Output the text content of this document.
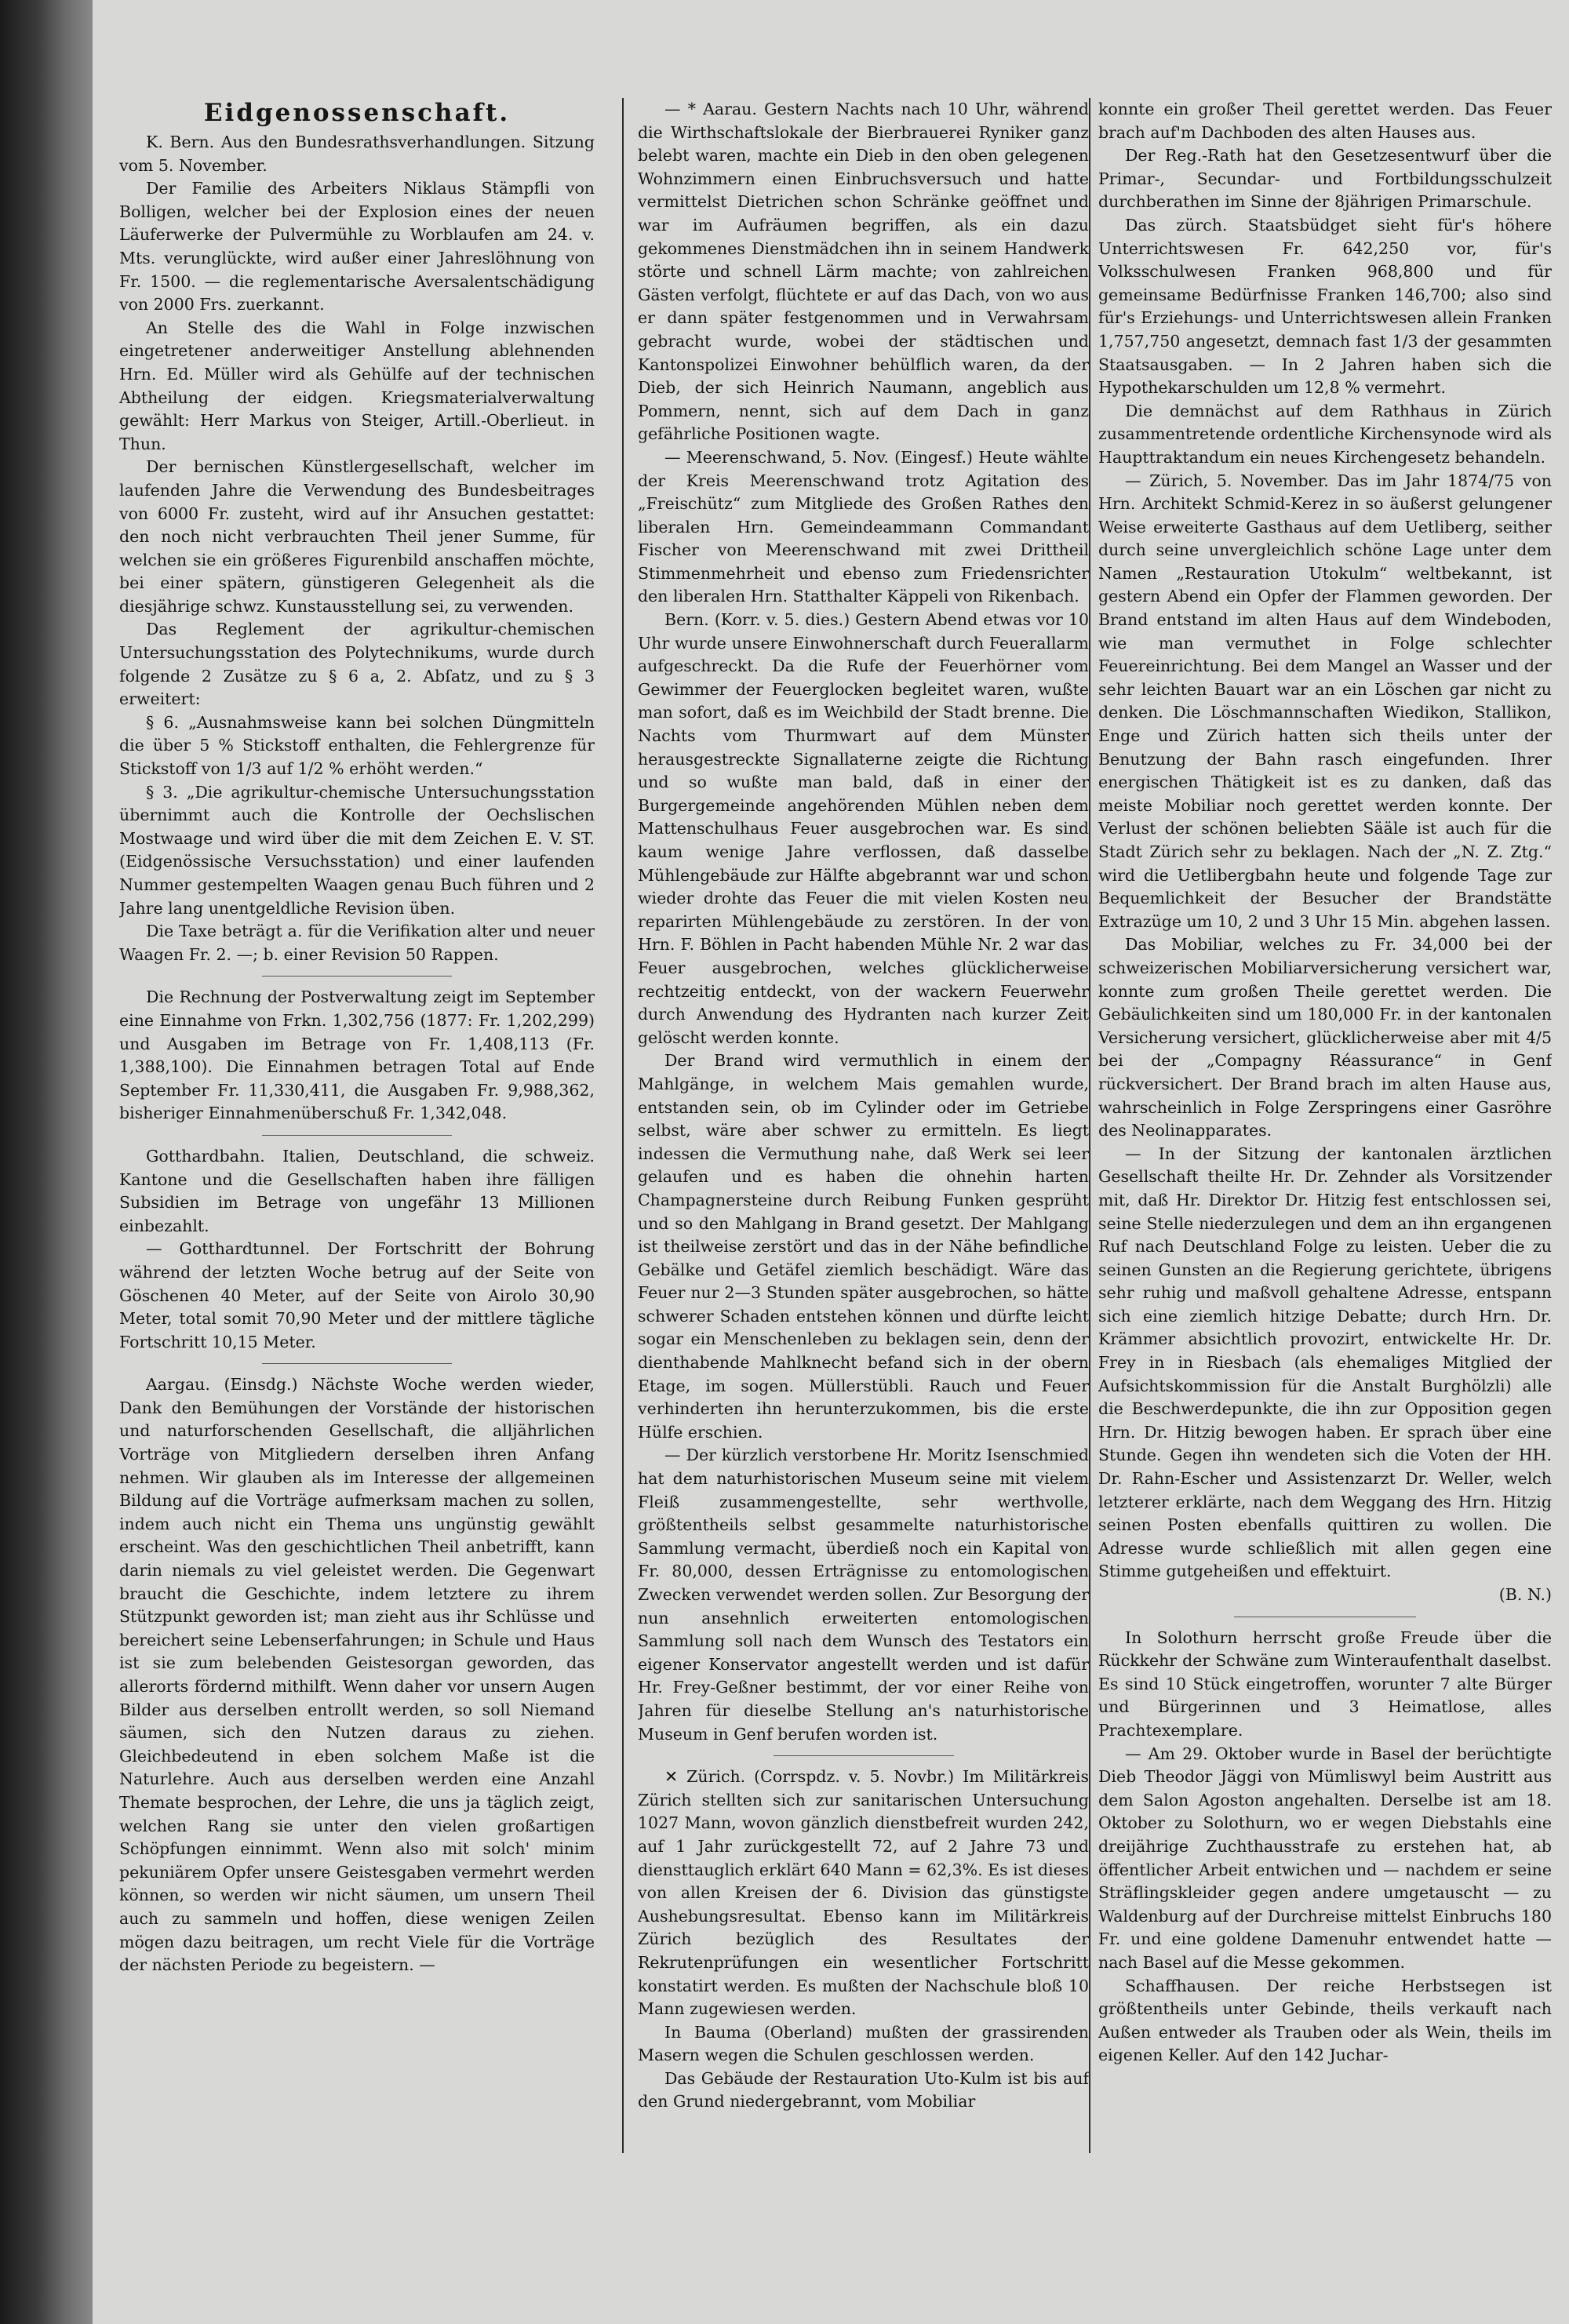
Eidgenossenschaft.

K. Bern. Aus den Bundesrathsverhandlungen. Sitzung vom 5. November.

Der Familie des Arbeiters Niklaus Stämpfli von Bolligen, welcher bei der Explosion eines der neuen Läuferwerke der Pulvermühle zu Worblaufen am 24. v. Mts. verunglückte, wird außer einer Jahreslöhnung von Fr. 1500. — die reglementarische Aversalentschädigung von 2000 Frs. zuerkannt.

An Stelle des die Wahl in Folge inzwischen eingetretener anderweitiger Anstellung ablehnenden Hrn. Ed. Müller wird als Gehülfe auf der technischen Abtheilung der eidgen. Kriegsmaterialverwaltung gewählt: Herr Markus von Steiger, Artill.-Oberlieut. in Thun.

Der bernischen Künstlergesellschaft, welcher im laufenden Jahre die Verwendung des Bundesbeitrages von 6000 Fr. zusteht, wird auf ihr Ansuchen gestattet: den noch nicht verbrauchten Theil jener Summe, für welchen sie ein größeres Figurenbild anschaffen möchte, bei einer spätern, günstigeren Gelegenheit als die diesjährige schwz. Kunstausstellung sei, zu verwenden.

Das Reglement der agrikultur-chemischen Untersuchungsstation des Polytechnikums, wurde durch folgende 2 Zusätze zu § 6 a, 2. Abſatz, und zu § 3 erweitert:

§ 6. „Ausnahmsweise kann bei solchen Düngmitteln die über 5 % Stickstoff enthalten, die Fehlergrenze für Stickstoff von 1/3 auf 1/2 % erhöht werden.“

§ 3. „Die agrikultur-chemische Untersuchungsstation übernimmt auch die Kontrolle der Oechslischen Mostwaage und wird über die mit dem Zeichen E. V. ST. (Eidgenössische Versuchsstation) und einer laufenden Nummer gestempelten Waagen genau Buch führen und 2 Jahre lang unentgeldliche Revision üben.

Die Taxe beträgt a. für die Verifikation alter und neuer Waagen Fr. 2. —; b. einer Revision 50 Rappen.

Die Rechnung der Postverwaltung zeigt im September eine Einnahme von Frkn. 1,302,756 (1877: Fr. 1,202,299) und Ausgaben im Betrage von Fr. 1,408,113 (Fr. 1,388,100). Die Einnahmen betragen Total auf Ende September Fr. 11,330,411, die Ausgaben Fr. 9,988,362, bisheriger Einnahmenüberschuß Fr. 1,342,048.

Gotthardbahn. Italien, Deutschland, die schweiz. Kantone und die Gesellschaften haben ihre fälligen Subsidien im Betrage von ungefähr 13 Millionen einbezahlt.

— Gotthardtunnel. Der Fortschritt der Bohrung während der letzten Woche betrug auf der Seite von Göschenen 40 Meter, auf der Seite von Airolo 30,90 Meter, total somit 70,90 Meter und der mittlere tägliche Fortschritt 10,15 Meter.

Aargau. (Einsdg.) Nächste Woche werden wieder, Dank den Bemühungen der Vorstände der historischen und naturforschenden Gesellschaft, die alljährlichen Vorträge von Mitgliedern derselben ihren Anfang nehmen. Wir glauben als im Interesse der allgemeinen Bildung auf die Vorträge aufmerksam machen zu sollen, indem auch nicht ein Thema uns ungünstig gewählt erscheint. Was den geschichtlichen Theil anbetrifft, kann darin niemals zu viel geleistet werden. Die Gegenwart braucht die Geschichte, indem letztere zu ihrem Stützpunkt geworden ist; man zieht aus ihr Schlüsse und bereichert seine Lebenserfahrungen; in Schule und Haus ist sie zum belebenden Geistesorgan geworden, das allerorts fördernd mithilft. Wenn daher vor unsern Augen Bilder aus derselben entrollt werden, so soll Niemand säumen, sich den Nutzen daraus zu ziehen. Gleichbedeutend in eben solchem Maße ist die Naturlehre. Auch aus derselben werden eine Anzahl Themate besprochen, der Lehre, die uns ja täglich zeigt, welchen Rang sie unter den vielen großartigen Schöpfungen einnimmt. Wenn also mit solch' minim pekuniärem Opfer unsere Geistesgaben vermehrt werden können, so werden wir nicht säumen, um unsern Theil auch zu sammeln und hoffen, diese wenigen Zeilen mögen dazu beitragen, um recht Viele für die Vorträge der nächsten Periode zu begeistern. —

— * Aarau. Gestern Nachts nach 10 Uhr, während die Wirthschaftslokale der Bierbrauerei Ryniker ganz belebt waren, machte ein Dieb in den oben gelegenen Wohnzimmern einen Einbruchsversuch und hatte vermittelst Dietrichen schon Schränke geöffnet und war im Aufräumen begriffen, als ein dazu gekommenes Dienstmädchen ihn in seinem Handwerk störte und schnell Lärm machte; von zahlreichen Gästen verfolgt, flüchtete er auf das Dach, von wo aus er dann später festgenommen und in Verwahrsam gebracht wurde, wobei der städtischen und Kantonspolizei Einwohner behülflich waren, da der Dieb, der sich Heinrich Naumann, angeblich aus Pommern, nennt, sich auf dem Dach in ganz gefährliche Positionen wagte.

— Meerenschwand, 5. Nov. (Eingesf.) Heute wählte der Kreis Meerenschwand trotz Agitation des „Freischütz“ zum Mitgliede des Großen Rathes den liberalen Hrn. Gemeindeammann Commandant Fischer von Meerenschwand mit zwei Drittheil Stimmenmehrheit und ebenso zum Friedensrichter den liberalen Hrn. Statthalter Käppeli von Rikenbach.

Bern. (Korr. v. 5. dies.) Gestern Abend etwas vor 10 Uhr wurde unsere Einwohnerschaft durch Feuerallarm aufgeschreckt. Da die Rufe der Feuerhörner vom Gewimmer der Feuerglocken begleitet waren, wußte man sofort, daß es im Weichbild der Stadt brenne. Die Nachts vom Thurmwart auf dem Münster herausgestreckte Signallaterne zeigte die Richtung und so wußte man bald, daß in einer der Burgergemeinde angehörenden Mühlen neben dem Mattenschulhaus Feuer ausgebrochen war. Es sind kaum wenige Jahre verflossen, daß dasselbe Mühlengebäude zur Hälfte abgebrannt war und schon wieder drohte das Feuer die mit vielen Kosten neu reparirten Mühlengebäude zu zerstören. In der von Hrn. F. Böhlen in Pacht habenden Mühle Nr. 2 war das Feuer ausgebrochen, welches glücklicherweise rechtzeitig entdeckt, von der wackern Feuerwehr durch Anwendung des Hydranten nach kurzer Zeit gelöscht werden konnte.

Der Brand wird vermuthlich in einem der Mahlgänge, in welchem Mais gemahlen wurde, entstanden sein, ob im Cylinder oder im Getriebe selbst, wäre aber schwer zu ermitteln. Es liegt indessen die Vermuthung nahe, daß Werk sei leer gelaufen und es haben die ohnehin harten Champagnersteine durch Reibung Funken gesprüht und so den Mahlgang in Brand gesetzt. Der Mahlgang ist theilweise zerstört und das in der Nähe befindliche Gebälke und Getäfel ziemlich beschädigt. Wäre das Feuer nur 2—3 Stunden später ausgebrochen, so hätte schwerer Schaden entstehen können und dürfte leicht sogar ein Menschenleben zu beklagen sein, denn der dienthabende Mahlknecht befand sich in der obern Etage, im sogen. Müllerstübli. Rauch und Feuer verhinderten ihn herunterzukommen, bis die erste Hülfe erschien.

— Der kürzlich verstorbene Hr. Moritz Isenschmied hat dem naturhistorischen Museum seine mit vielem Fleiß zusammengestellte, sehr werthvolle, größtentheils selbst gesammelte naturhistorische Sammlung vermacht, überdieß noch ein Kapital von Fr. 80,000, dessen Erträgnisse zu entomologischen Zwecken verwendet werden sollen. Zur Besorgung der nun ansehnlich erweiterten entomologischen Sammlung soll nach dem Wunsch des Testators ein eigener Konservator angestellt werden und ist dafür Hr. Frey-Geßner bestimmt, der vor einer Reihe von Jahren für dieselbe Stellung an's naturhistorische Museum in Genf berufen worden ist.

✕ Zürich. (Corrspdz. v. 5. Novbr.) Im Militärkreis Zürich stellten sich zur sanitarischen Untersuchung 1027 Mann, wovon gänzlich dienstbefreit wurden 242, auf 1 Jahr zurückgestellt 72, auf 2 Jahre 73 und diensttauglich erklärt 640 Mann = 62,3%. Es ist dieses von allen Kreisen der 6. Division das günstigste Aushebungsresultat. Ebenso kann im Militärkreis Zürich bezüglich des Resultates der Rekrutenprüfungen ein wesentlicher Fortschritt konstatirt werden. Es mußten der Nachschule bloß 10 Mann zugewiesen werden.

In Bauma (Oberland) mußten der grassirenden Masern wegen die Schulen geschlossen werden.

Das Gebäude der Restauration Uto-Kulm ist bis auf den Grund niedergebrannt, vom Mobiliar

konnte ein großer Theil gerettet werden. Das Feuer brach auf'm Dachboden des alten Hauses aus.

Der Reg.-Rath hat den Gesetzesentwurf über die Primar-, Secundar- und Fortbildungsschulzeit durchberathen im Sinne der 8jährigen Primarschule.

Das zürch. Staatsbüdget sieht für's höhere Unterrichtswesen Fr. 642,250 vor, für's Volksschulwesen Franken 968,800 und für gemeinsame Bedürfnisse Franken 146,700; also sind für's Erziehungs- und Unterrichtswesen allein Franken 1,757,750 angesetzt, demnach fast 1/3 der gesammten Staatsausgaben. — In 2 Jahren haben sich die Hypothekarschulden um 12,8 % vermehrt.

Die demnächst auf dem Rathhaus in Zürich zusammentretende ordentliche Kirchensynode wird als Haupttraktandum ein neues Kirchengesetz behandeln.

— Zürich, 5. November. Das im Jahr 1874/75 von Hrn. Architekt Schmid-Kerez in so äußerst gelungener Weise erweiterte Gasthaus auf dem Uetliberg, seither durch seine unvergleichlich schöne Lage unter dem Namen „Restauration Utokulm“ weltbekannt, ist gestern Abend ein Opfer der Flammen geworden. Der Brand entstand im alten Haus auf dem Windeboden, wie man vermuthet in Folge schlechter Feuereinrichtung. Bei dem Mangel an Wasser und der sehr leichten Bauart war an ein Löschen gar nicht zu denken. Die Löschmannschaften Wiedikon, Stallikon, Enge und Zürich hatten sich theils unter der Benutzung der Bahn rasch eingefunden. Ihrer energischen Thätigkeit ist es zu danken, daß das meiste Mobiliar noch gerettet werden konnte. Der Verlust der schönen beliebten Sääle ist auch für die Stadt Zürich sehr zu beklagen. Nach der „N. Z. Ztg.“ wird die Uetlibergbahn heute und folgende Tage zur Bequemlichkeit der Besucher der Brandstätte Extrazüge um 10, 2 und 3 Uhr 15 Min. abgehen lassen.

Das Mobiliar, welches zu Fr. 34,000 bei der schweizerischen Mobiliarversicherung versichert war, konnte zum großen Theile gerettet werden. Die Gebäulichkeiten sind um 180,000 Fr. in der kantonalen Versicherung versichert, glücklicherweise aber mit 4/5 bei der „Compagny Réassurance“ in Genf rückversichert. Der Brand brach im alten Hause aus, wahrscheinlich in Folge Zerspringens einer Gasröhre des Neolinapparates.

— In der Sitzung der kantonalen ärztlichen Gesellschaft theilte Hr. Dr. Zehnder als Vorsitzender mit, daß Hr. Direktor Dr. Hitzig fest entschlossen sei, seine Stelle niederzulegen und dem an ihn ergangenen Ruf nach Deutschland Folge zu leisten. Ueber die zu seinen Gunsten an die Regierung gerichtete, übrigens sehr ruhig und maßvoll gehaltene Adresse, entspann sich eine ziemlich hitzige Debatte; durch Hrn. Dr. Krämmer absichtlich provozirt, entwickelte Hr. Dr. Frey in in Riesbach (als ehemaliges Mitglied der Aufsichtskommission für die Anstalt Burghölzli) alle die Beschwerdepunkte, die ihn zur Opposition gegen Hrn. Dr. Hitzig bewogen haben. Er sprach über eine Stunde. Gegen ihn wendeten sich die Voten der HH. Dr. Rahn-Escher und Assistenzarzt Dr. Weller, welch letzterer erklärte, nach dem Weggang des Hrn. Hitzig seinen Posten ebenfalls quittiren zu wollen. Die Adresse wurde schließlich mit allen gegen eine Stimme gutgeheißen und effektuirt.

(B. N.)

In Solothurn herrscht große Freude über die Rückkehr der Schwäne zum Winteraufenthalt daselbst. Es sind 10 Stück eingetroffen, worunter 7 alte Bürger und Bürgerinnen und 3 Heimatlose, alles Prachtexemplare.

— Am 29. Oktober wurde in Basel der berüchtigte Dieb Theodor Jäggi von Mümliswyl beim Austritt aus dem Salon Agoston angehalten. Derselbe ist am 18. Oktober zu Solothurn, wo er wegen Diebstahls eine dreijährige Zuchthausstrafe zu erstehen hat, ab öffentlicher Arbeit entwichen und — nachdem er seine Sträflingskleider gegen andere umgetauscht — zu Waldenburg auf der Durchreise mittelst Einbruchs 180 Fr. und eine goldene Damenuhr entwendet hatte — nach Basel auf die Messe gekommen.

Schaffhausen. Der reiche Herbstsegen ist größtentheils unter Gebinde, theils verkauft nach Außen entweder als Trauben oder als Wein, theils im eigenen Keller. Auf den 142 Juchar-
